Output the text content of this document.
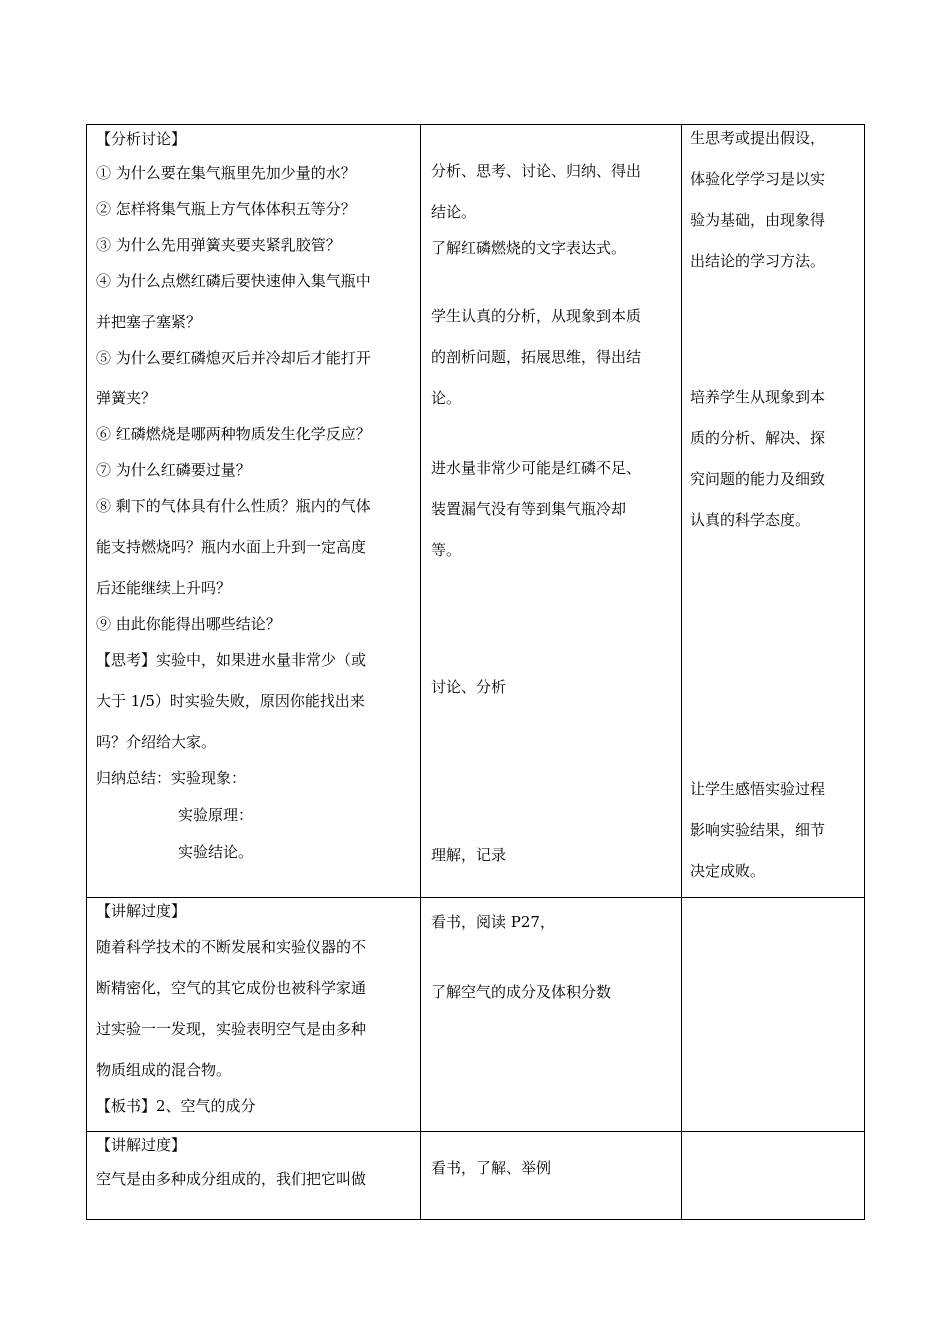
【分析讨论】
① 为什么要在集气瓶里先加少量的水？
② 怎样将集气瓶上方气体体积五等分？
③ 为什么先用弹簧夹要夹紧乳胶管？
④ 为什么点燃红磷后要快速伸入集气瓶中
并把塞子塞紧？
⑤ 为什么要红磷熄灭后并冷却后才能打开
弹簧夹？
⑥ 红磷燃烧是哪两种物质发生化学反应？
⑦ 为什么红磷要过量？
⑧ 剩下的气体具有什么性质？瓶内的气体
能支持燃烧吗？瓶内水面上升到一定高度
后还能继续上升吗？
⑨ 由此你能得出哪些结论？
【思考】实验中，如果进水量非常少（或
大于 1/5）时实验失败，原因你能找出来
吗？介绍给大家。
归纳总结：实验现象：
实验原理：
实验结论。
分析、思考、讨论、归纳、得出
结论。
了解红磷燃烧的文字表达式。
学生认真的分析，从现象到本质
的剖析问题，拓展思维，得出结
论。
进水量非常少可能是红磷不足、
装置漏气没有等到集气瓶冷却
等。
讨论、分析
理解，记录
生思考或提出假设，
体验化学学习是以实
验为基础，由现象得
出结论的学习方法。
培养学生从现象到本
质的分析、解决、探
究问题的能力及细致
认真的科学态度。
让学生感悟实验过程
影响实验结果，细节
决定成败。
【讲解过度】
随着科学技术的不断发展和实验仪器的不
断精密化，空气的其它成份也被科学家通
过实验一一发现，实验表明空气是由多种
物质组成的混合物。
【板书】2、空气的成分
看书，阅读 P27，
了解空气的成分及体积分数
【讲解过度】
空气是由多种成分组成的，我们把它叫做
看书，了解、举例
